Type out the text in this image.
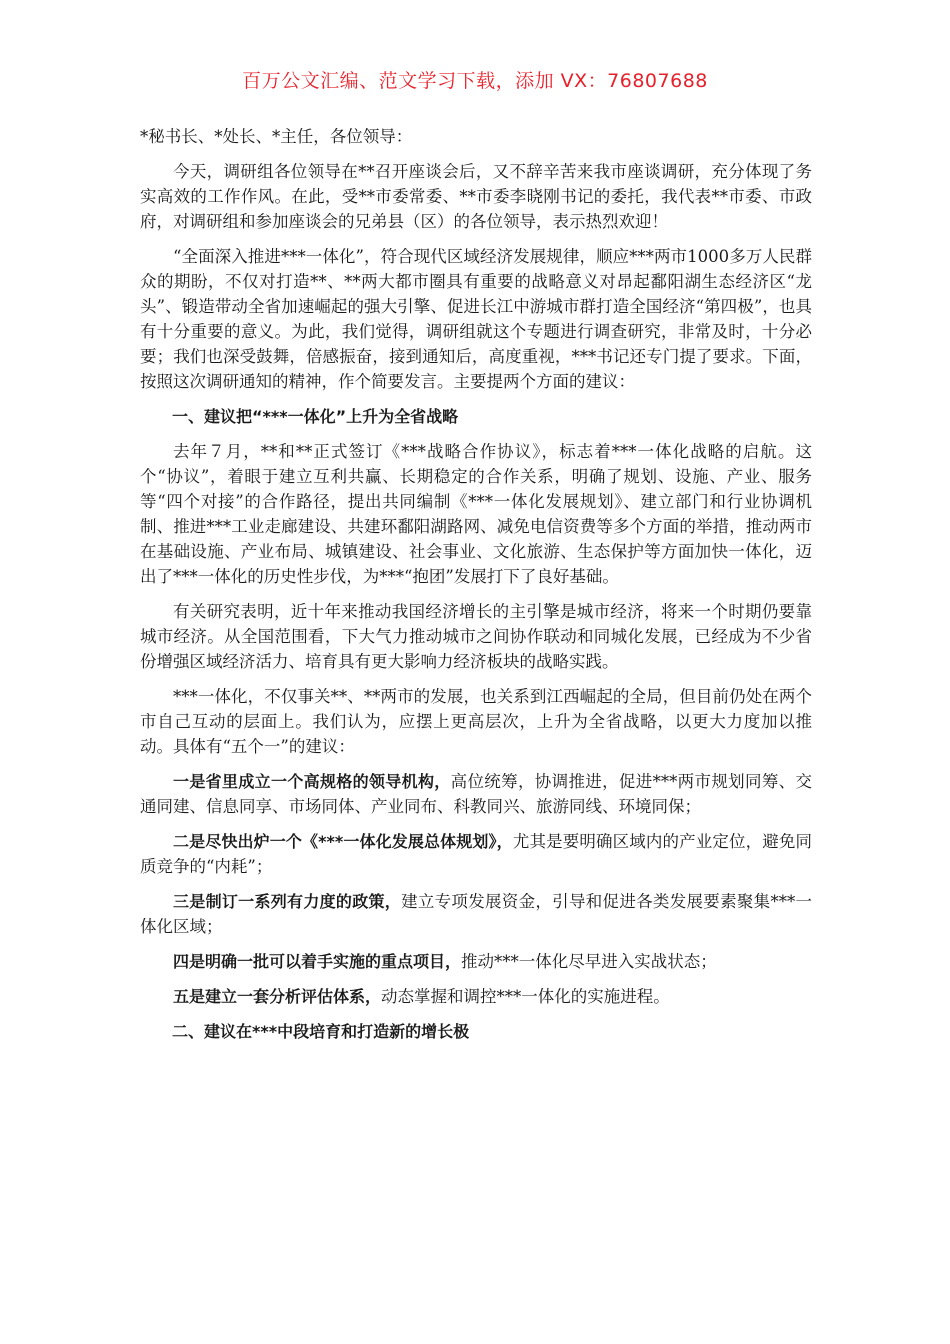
百万公文汇编、范文学习下载，添加 VX：76807688

*秘书长、*处长、*主任，各位领导：

今天，调研组各位领导在**召开座谈会后，又不辞辛苦来我市座谈调研，充分体现了务实高效的工作作风。在此，受**市委常委、**市委李晓刚书记的委托，我代表**市委、市政府，对调研组和参加座谈会的兄弟县（区）的各位领导，表示热烈欢迎！

“全面深入推进***一体化”，符合现代区域经济发展规律，顺应***两市1000多万人民群众的期盼，不仅对打造**、**两大都市圈具有重要的战略意义对昂起鄱阳湖生态经济区“龙头”、锻造带动全省加速崛起的强大引擎、促进长江中游城市群打造全国经济“第四极”，也具有十分重要的意义。为此，我们觉得，调研组就这个专题进行调查研究，非常及时，十分必要；我们也深受鼓舞，倍感振奋，接到通知后，高度重视，***书记还专门提了要求。下面，按照这次调研通知的精神，作个简要发言。主要提两个方面的建议：

一、建议把“***一体化”上升为全省战略

去年７月，**和**正式签订《***战略合作协议》，标志着***一体化战略的启航。这个“协议”，着眼于建立互利共赢、长期稳定的合作关系，明确了规划、设施、产业、服务等“四个对接”的合作路径，提出共同编制《***一体化发展规划》、建立部门和行业协调机制、推进***工业走廊建设、共建环鄱阳湖路网、减免电信资费等多个方面的举措，推动两市在基础设施、产业布局、城镇建设、社会事业、文化旅游、生态保护等方面加快一体化，迈出了***一体化的历史性步伐，为***“抱团”发展打下了良好基础。

有关研究表明，近十年来推动我国经济增长的主引擎是城市经济，将来一个时期仍要靠城市经济。从全国范围看，下大气力推动城市之间协作联动和同城化发展，已经成为不少省份增强区域经济活力、培育具有更大影响力经济板块的战略实践。

***一体化，不仅事关**、**两市的发展，也关系到江西崛起的全局，但目前仍处在两个市自己互动的层面上。我们认为，应摆上更高层次，上升为全省战略，以更大力度加以推动。具体有“五个一”的建议：

一是省里成立一个高规格的领导机构，高位统筹，协调推进，促进***两市规划同筹、交通同建、信息同享、市场同体、产业同布、科教同兴、旅游同线、环境同保；

二是尽快出炉一个《***一体化发展总体规划》，尤其是要明确区域内的产业定位，避免同质竞争的“内耗”；

三是制订一系列有力度的政策，建立专项发展资金，引导和促进各类发展要素聚集***一体化区域；

四是明确一批可以着手实施的重点项目，推动***一体化尽早进入实战状态；

五是建立一套分析评估体系，动态掌握和调控***一体化的实施进程。

二、建议在***中段培育和打造新的增长极
